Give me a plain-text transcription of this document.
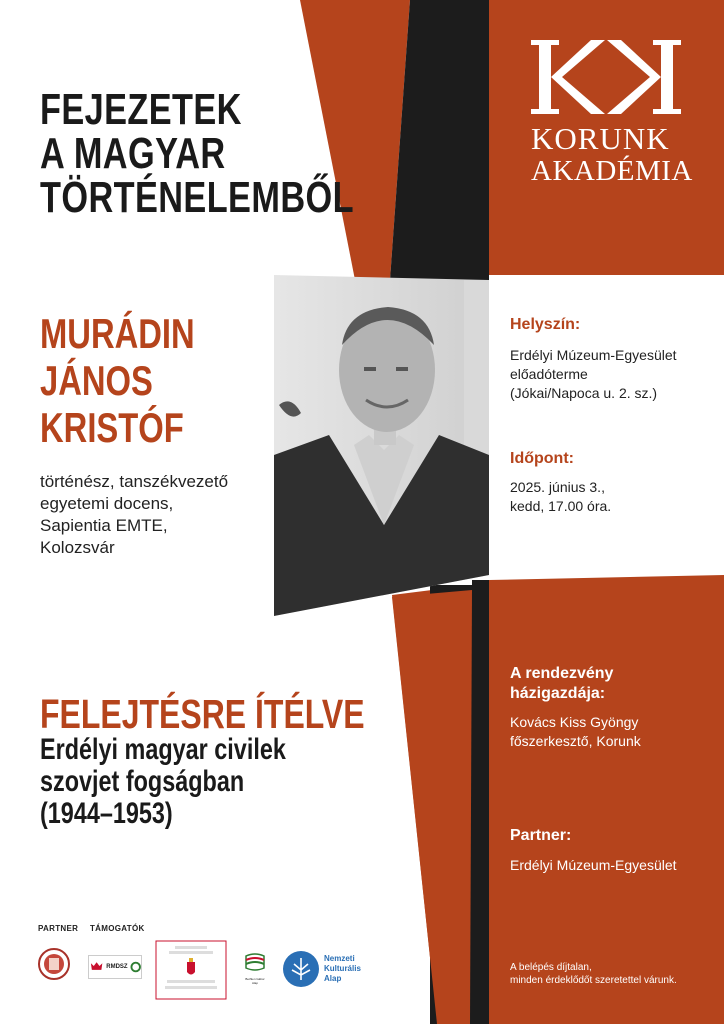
KORUNK
AKADÉMIA
FEJEZETEK
A MAGYAR
TÖRTÉNELEMBŐL
MURÁDIN
JÁNOS
KRISTÓF
történész, tanszékvezető
egyetemi docens,
Sapientia EMTE,
Kolozsvár
FELEJTÉSRE ÍTÉLVE
Erdélyi magyar civilek
szovjet fogságban
(1944–1953)
Helyszín:
Erdélyi Múzeum-Egyesület
előadóterme
(Jókai/Napoca u. 2. sz.)
Időpont:
2025. június 3.,
kedd, 17.00 óra.
A rendezvény
házigazdája:
Kovács Kiss Gyöngy
főszerkesztő, Korunk
Partner:
Erdélyi Múzeum-Egyesület
A belépés díjtalan,
minden érdeklődőt szeretettel várunk.
PARTNER TÁMOGATÓK
RMDSZ
Bethlen Gábor Alap
Nemzeti
Kulturális
Alap
